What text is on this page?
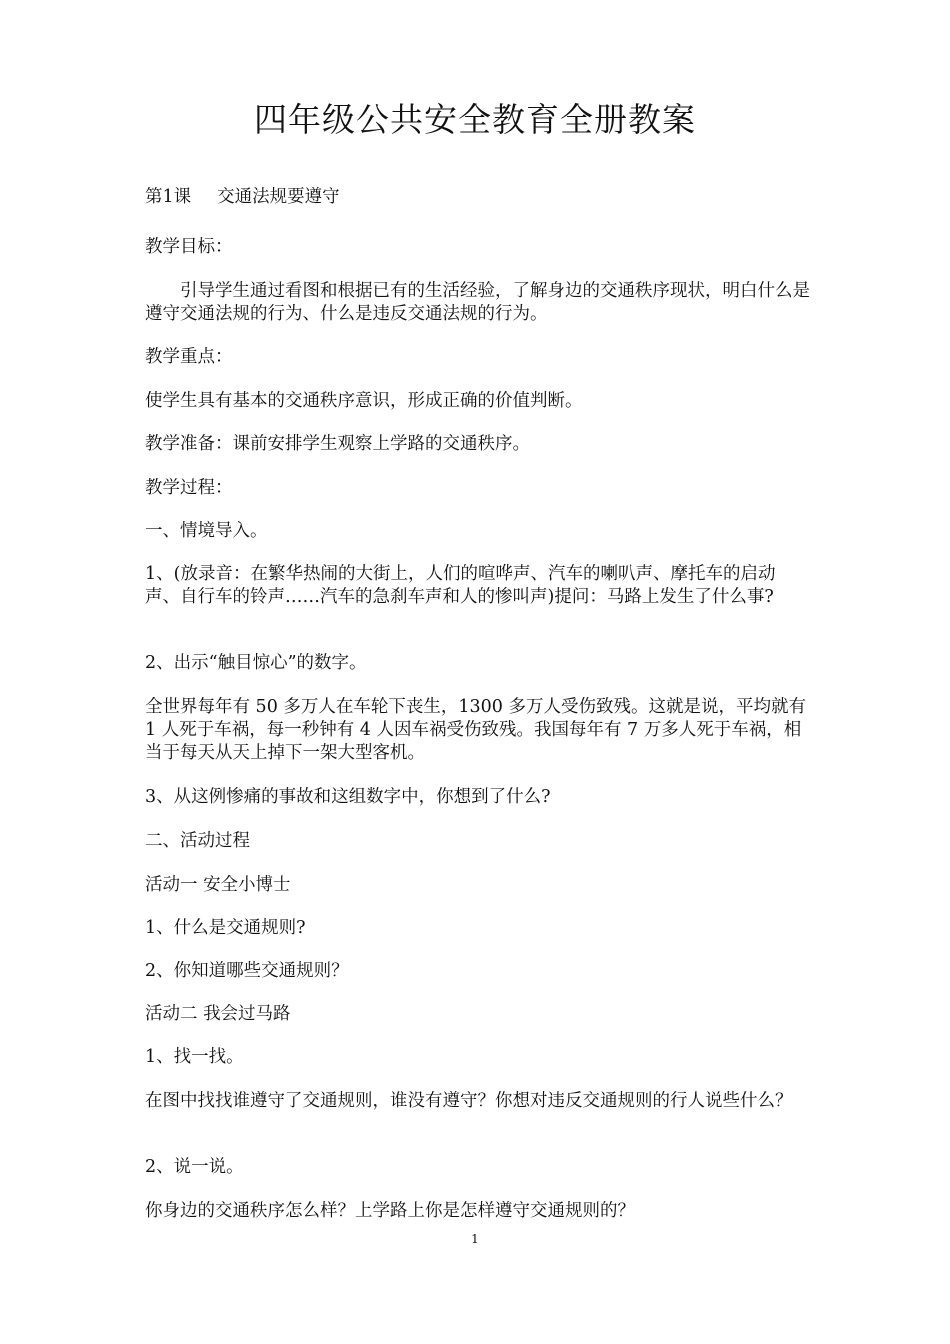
四年级公共安全教育全册教案

第1课 交通法规要遵守

教学目标：

引导学生通过看图和根据已有的生活经验，了解身边的交通秩序现状，明白什么是遵守交通法规的行为、什么是违反交通法规的行为。

教学重点：

使学生具有基本的交通秩序意识，形成正确的价值判断。

教学准备：课前安排学生观察上学路的交通秩序。

教学过程：

一、情境导入。

1、(放录音：在繁华热闹的大街上，人们的喧哗声、汽车的喇叭声、摩托车的启动声、自行车的铃声……汽车的急刹车声和人的惨叫声)提问：马路上发生了什么事?

2、出示“触目惊心”的数字。

全世界每年有 50 多万人在车轮下丧生，1300 多万人受伤致残。这就是说，平均就有 1 人死于车祸，每一秒钟有 4 人因车祸受伤致残。我国每年有 7 万多人死于车祸，相当于每天从天上掉下一架大型客机。

3、从这例惨痛的事故和这组数字中，你想到了什么?

二、活动过程

活动一 安全小博士

1、什么是交通规则?

2、你知道哪些交通规则？

活动二 我会过马路

1、找一找。

在图中找找谁遵守了交通规则，谁没有遵守？你想对违反交通规则的行人说些什么？

2、说一说。

你身边的交通秩序怎么样？上学路上你是怎样遵守交通规则的？

1
